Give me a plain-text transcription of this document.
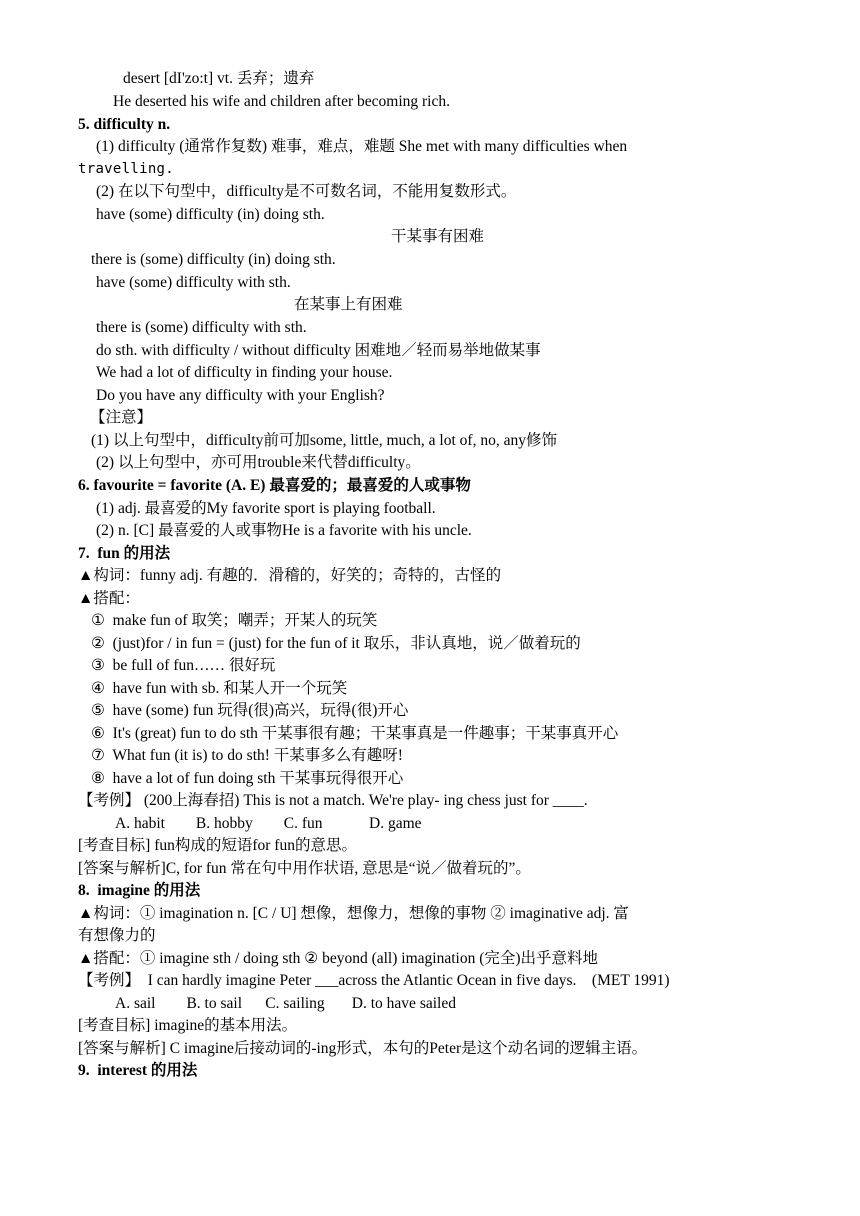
desert [dI'zo:t] vt. 丢弃；遗弃
He deserted his wife and children after becoming rich.
5. difficulty n.
(1) difficulty (通常作复数) 难事，难点，难题 She met with many difficulties when
travelling.
(2) 在以下句型中，difficulty是不可数名词，不能用复数形式。
have (some) difficulty (in) doing sth.
干某事有困难
there is (some) difficulty (in) doing sth.
have (some) difficulty with sth.
在某事上有困难
there is (some) difficulty with sth.
do sth. with difficulty / without difficulty 困难地／轻而易举地做某事
We had a lot of difficulty in finding your house.
Do you have any difficulty with your English?
【注意】
(1) 以上句型中，difficulty前可加some, little, much, a lot of, no, any修饰
(2) 以上句型中，亦可用trouble来代替difficulty。
6. favourite = favorite (A. E) 最喜爱的；最喜爱的人或事物
(1) adj. 最喜爱的My favorite sport is playing football.
(2) n. [C] 最喜爱的人或事物He is a favorite with his uncle.
7.  fun 的用法
▲构词：funny adj. 有趣的．滑稽的，好笑的；奇特的，古怪的
▲搭配：
①  make fun of 取笑；嘲弄；开某人的玩笑
②  (just)for / in fun = (just) for the fun of it 取乐，非认真地，说／做着玩的
③  be full of fun…… 很好玩
④  have fun with sb. 和某人开一个玩笑
⑤  have (some) fun 玩得(很)高兴，玩得(很)开心
⑥  It's (great) fun to do sth 干某事很有趣；干某事真是一件趣事；干某事真开心
⑦  What fun (it is) to do sth! 干某事多么有趣呀!
⑧  have a lot of fun doing sth 干某事玩得很开心
【考例】 (200上海春招) This is not a match. We're play- ing chess just for ____.
A. habit        B. hobby        C. fun            D. game
[考查目标] fun构成的短语for fun的意思。
[答案与解析]C, for fun 常在句中用作状语, 意思是“说／做着玩的”。
8.  imagine 的用法
▲构词：① imagination n. [C / U] 想像，想像力，想像的事物 ② imaginative adj. 富
有想像力的
▲搭配：① imagine sth / doing sth ② beyond (all) imagination (完全)出乎意料地
【考例】  I can hardly imagine Peter ___across the Atlantic Ocean in five days.    (MET 1991)
A. sail        B. to sail      C. sailing       D. to have sailed
[考查目标] imagine的基本用法。
[答案与解析] C imagine后接动词的-ing形式，本句的Peter是这个动名词的逻辑主语。
9.  interest 的用法
